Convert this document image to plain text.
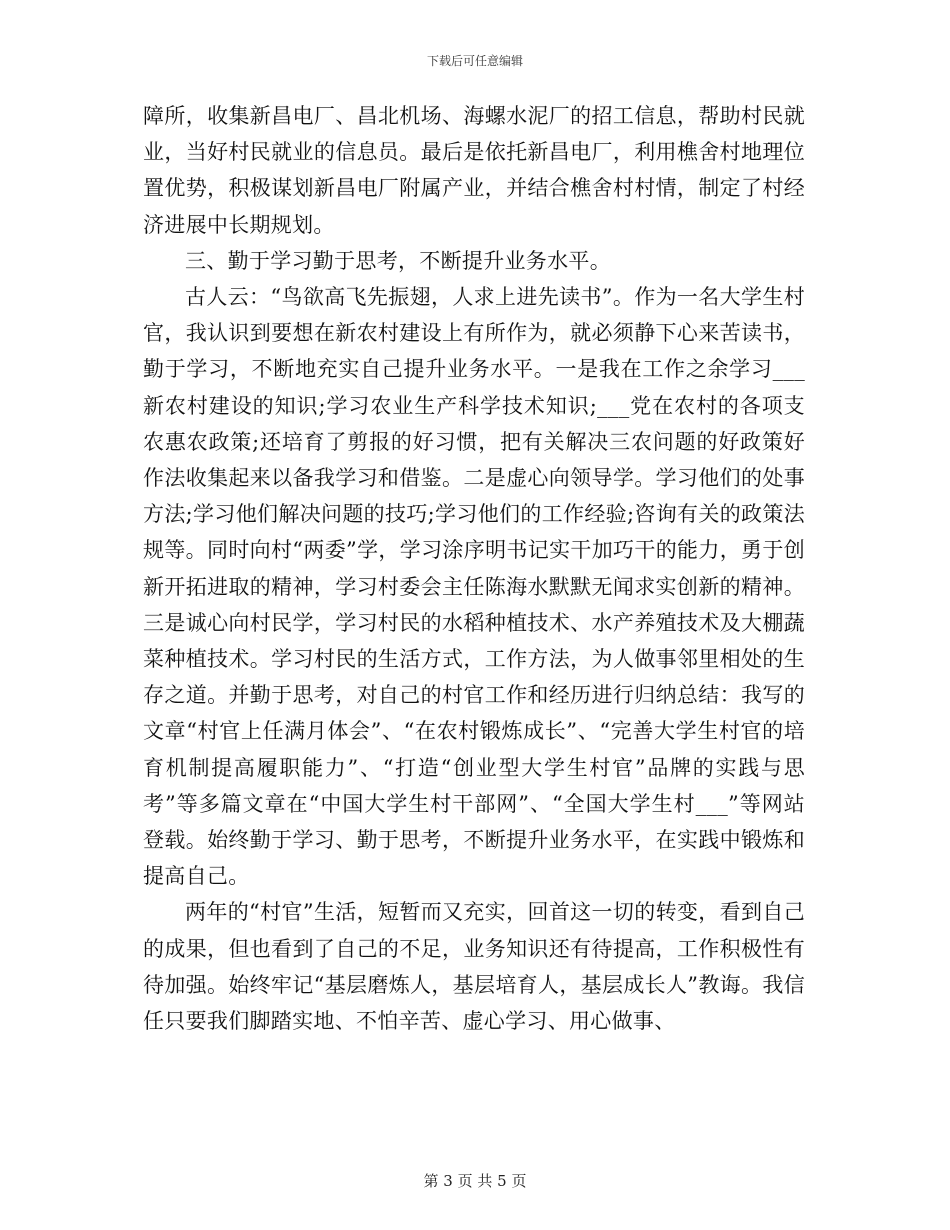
下载后可任意编辑

障所，收集新昌电厂、昌北机场、海螺水泥厂的招工信息，帮助村民就业，当好村民就业的信息员。最后是依托新昌电厂，利用樵舍村地理位置优势，积极谋划新昌电厂附属产业，并结合樵舍村村情，制定了村经济进展中长期规划。

三、勤于学习勤于思考，不断提升业务水平。

古人云：“鸟欲高飞先振翅，人求上进先读书”。作为一名大学生村官，我认识到要想在新农村建设上有所作为，就必须静下心来苦读书，勤于学习，不断地充实自己提升业务水平。一是我在工作之余学习___新农村建设的知识;学习农业生产科学技术知识;___党在农村的各项支农惠农政策;还培育了剪报的好习惯，把有关解决三农问题的好政策好作法收集起来以备我学习和借鉴。二是虚心向领导学。学习他们的处事方法;学习他们解决问题的技巧;学习他们的工作经验;咨询有关的政策法规等。同时向村“两委”学，学习涂序明书记实干加巧干的能力，勇于创新开拓进取的精神，学习村委会主任陈海水默默无闻求实创新的精神。三是诚心向村民学，学习村民的水稻种植技术、水产养殖技术及大棚蔬菜种植技术。学习村民的生活方式，工作方法，为人做事邻里相处的生存之道。并勤于思考，对自己的村官工作和经历进行归纳总结：我写的文章“村官上任满月体会”、“在农村锻炼成长”、“完善大学生村官的培育机制提高履职能力”、“打造“创业型大学生村官”品牌的实践与思考”等多篇文章在“中国大学生村干部网”、“全国大学生村___”等网站登载。始终勤于学习、勤于思考，不断提升业务水平，在实践中锻炼和提高自己。

两年的“村官”生活，短暂而又充实，回首这一切的转变，看到自己的成果，但也看到了自己的不足，业务知识还有待提高，工作积极性有待加强。始终牢记“基层磨炼人，基层培育人，基层成长人”教诲。我信任只要我们脚踏实地、不怕辛苦、虚心学习、用心做事、

第 3 页 共 5 页
